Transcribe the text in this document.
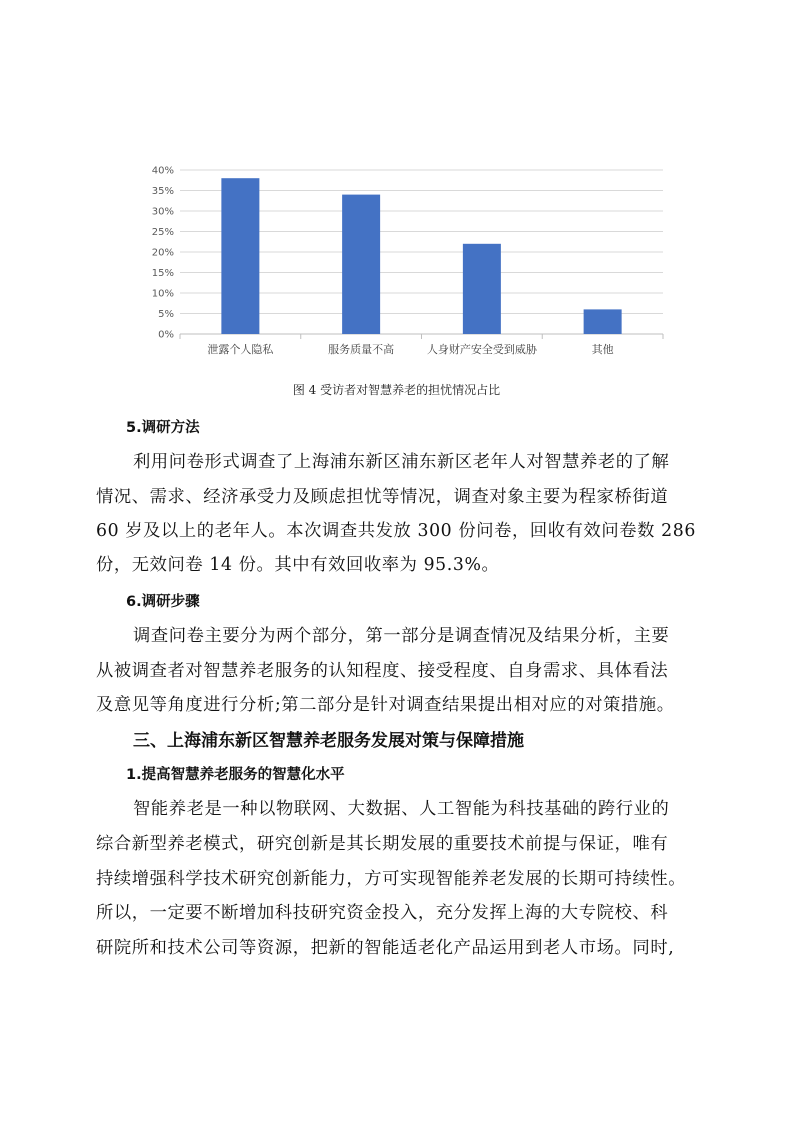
0%
5%
10%
15%
20%
25%
30%
35%
40%
泄露个人隐私	服务质量不高	人身财产安全受到威胁	其他
图 4 受访者对智慧养老的担忧情况占比
5.调研方法
利用问卷形式调查了上海浦东新区浦东新区老年人对智慧养老的了解
情况、需求、经济承受力及顾虑担忧等情况，调查对象主要为程家桥街道
60 岁及以上的老年人。本次调查共发放 300 份问卷，回收有效问卷数 286
份，无效问卷 14 份。其中有效回收率为 95.3%。
6.调研步骤
调查问卷主要分为两个部分，第一部分是调查情况及结果分析，主要
从被调查者对智慧养老服务的认知程度、接受程度、自身需求、具体看法
及意见等角度进行分析;第二部分是针对调查结果提出相对应的对策措施。
三、上海浦东新区智慧养老服务发展对策与保障措施
1.提高智慧养老服务的智慧化水平
智能养老是一种以物联网、大数据、人工智能为科技基础的跨行业的
综合新型养老模式，研究创新是其长期发展的重要技术前提与保证，唯有
持续增强科学技术研究创新能力，方可实现智能养老发展的长期可持续性。
所以，一定要不断增加科技研究资金投入，充分发挥上海的大专院校、科
研院所和技术公司等资源，把新的智能适老化产品运用到老人市场。同时,
